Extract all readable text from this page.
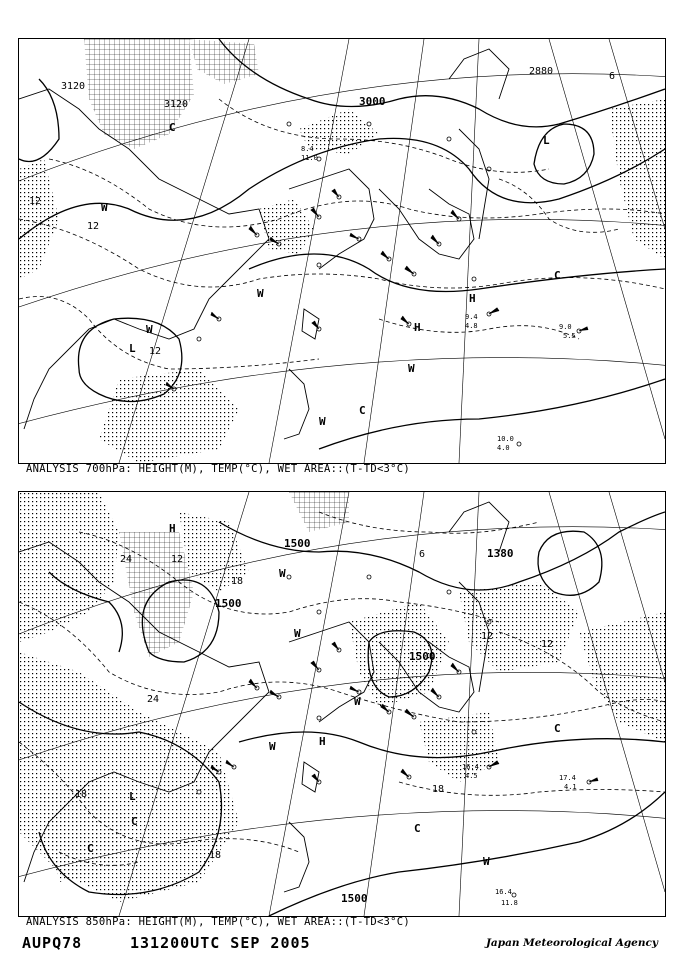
3120
3120	3000
2880
12
12
12
6
L
L
W
W
W
W
W
H
H
C
C
C
10.0
4.0
9.0
5.5
9.4
4.8
8.4
11.0
ANALYSIS 700hPa: HEIGHT(M), TEMP(°C), WET AREA::(T-TD<3°C)
1500
1500
1500
1500
1380
24
24
18
18
18
18
12
12
12
6
L
W
W
W
W
W
H
H
C
C
C
C
16.4
11.8
17.4
4.1
16.4
4.5
ANALYSIS 850hPa: HEIGHT(M), TEMP(°C), WET AREA::(T-TD<3°C)
AUPQ78	131200UTC SEP 2005	Japan Meteorological Agency
